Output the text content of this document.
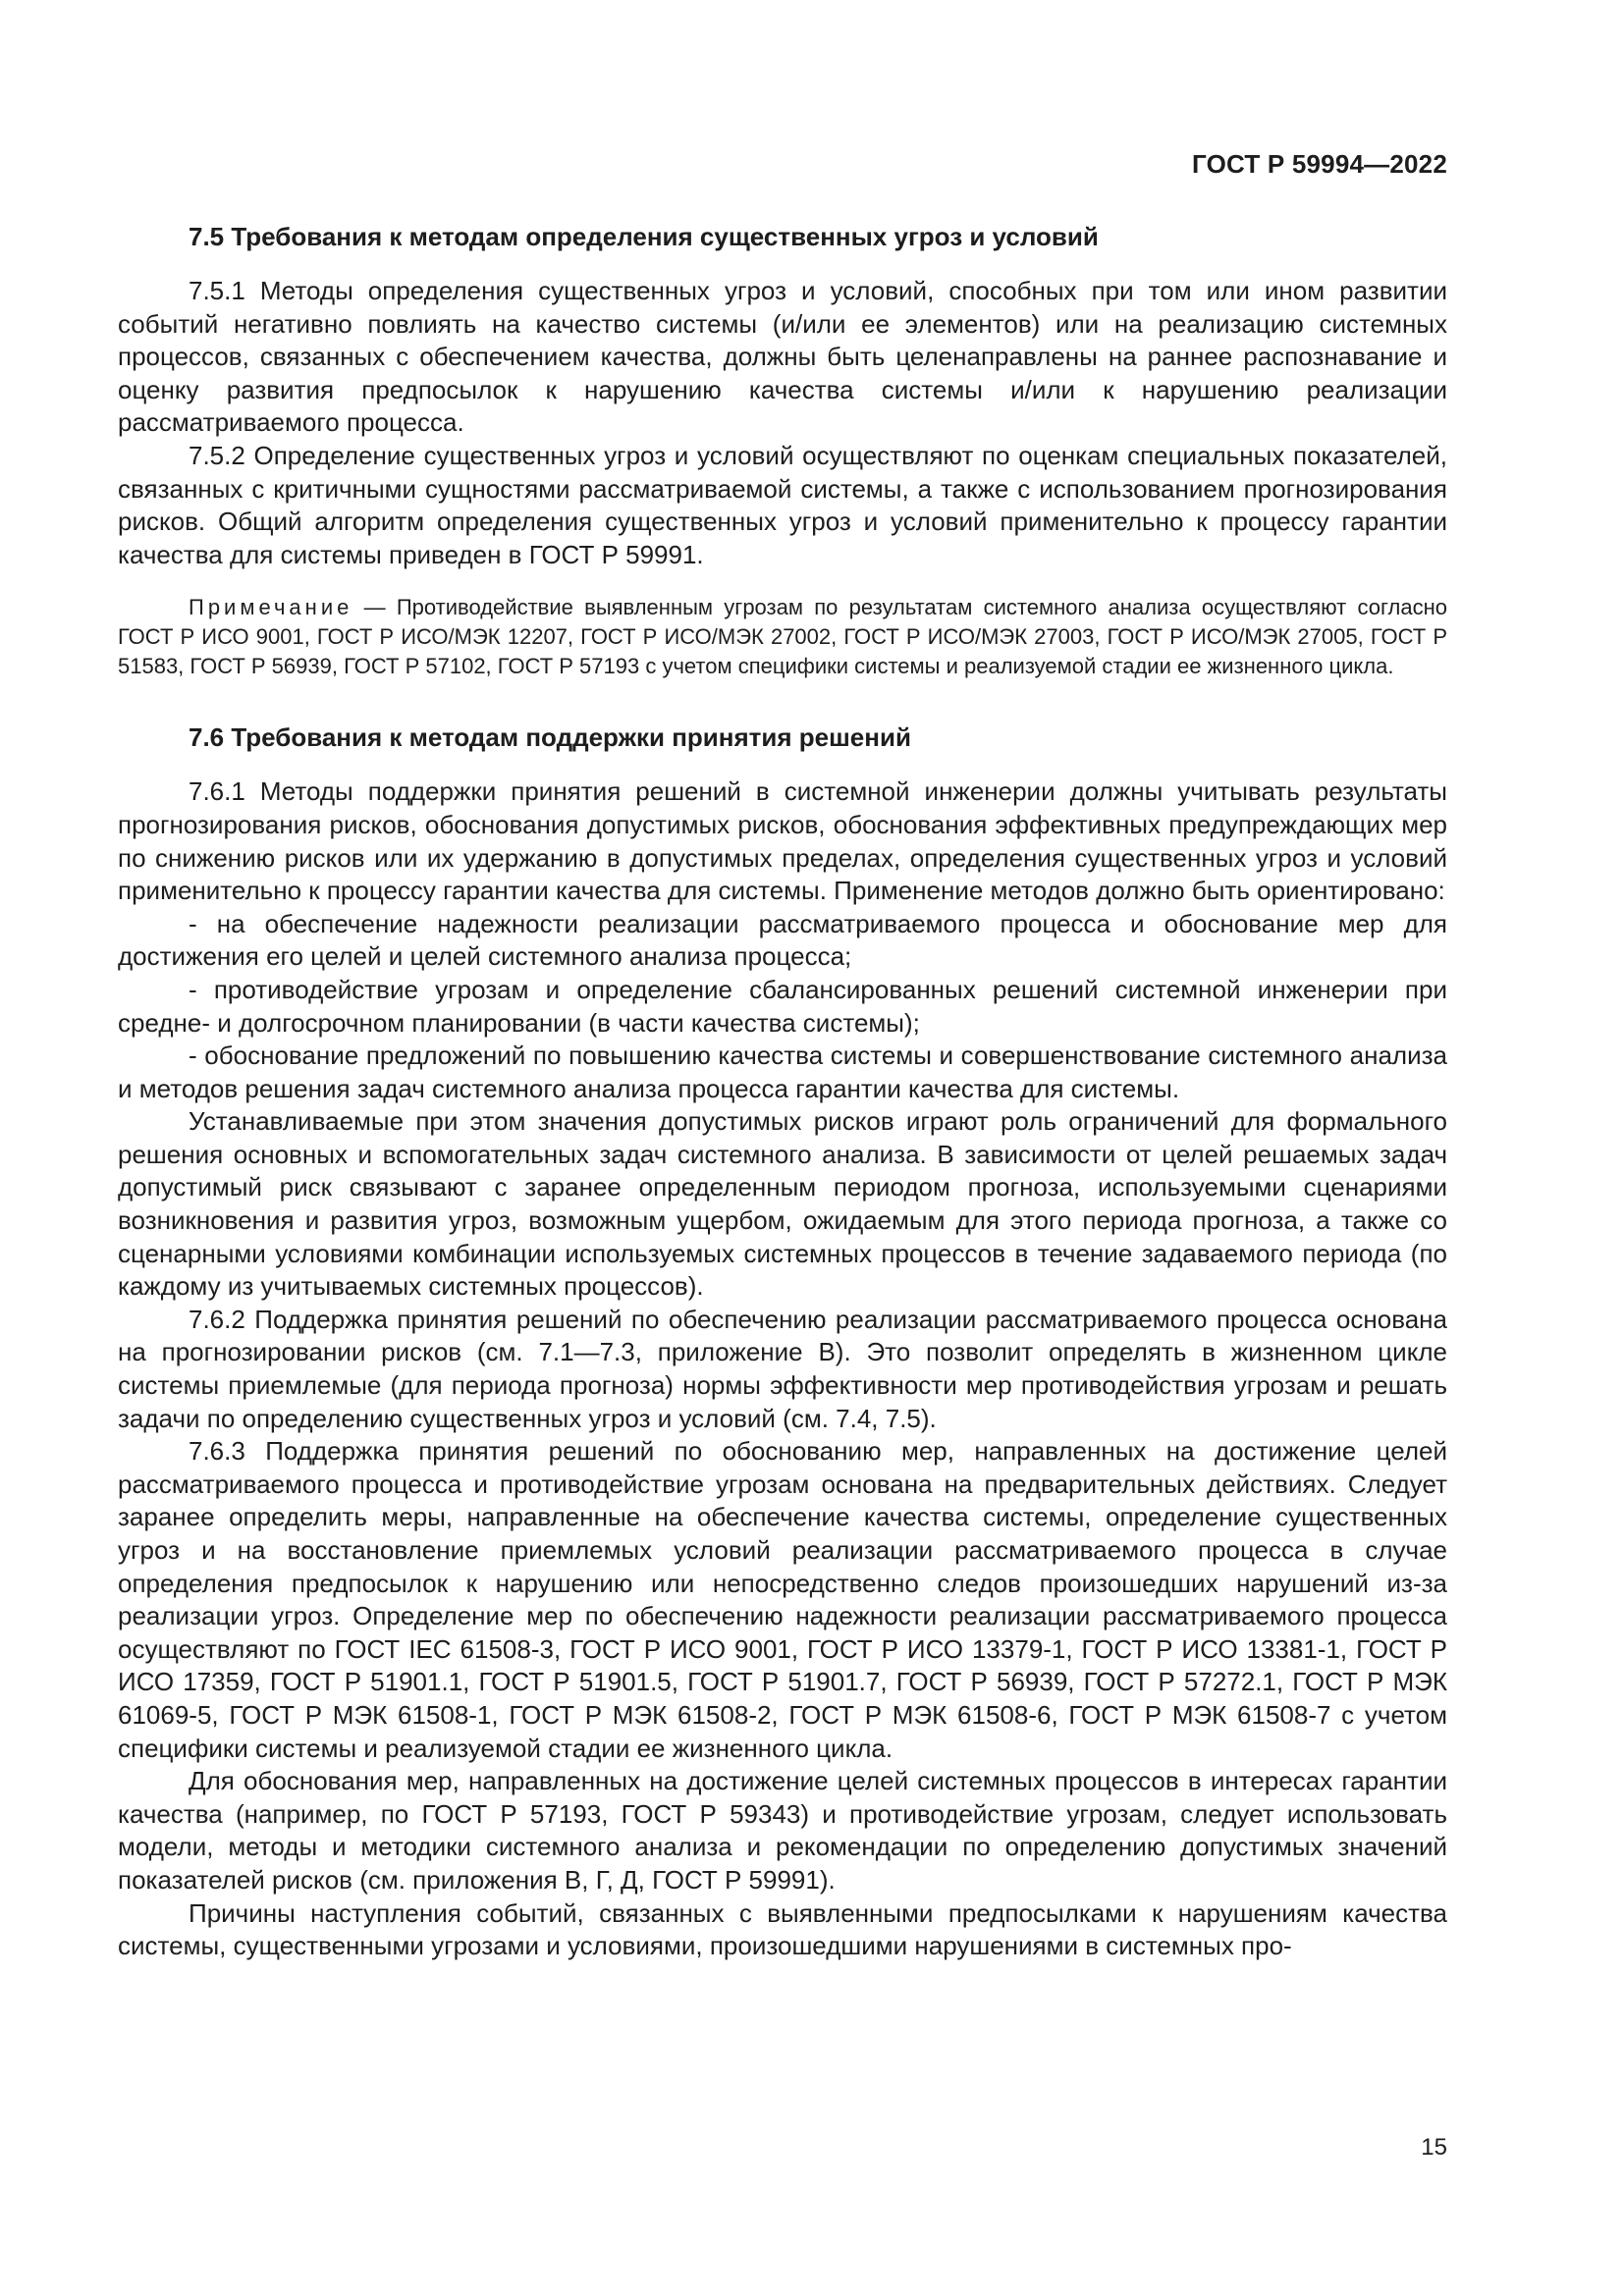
ГОСТ Р 59994—2022
7.5 Требования к методам определения существенных угроз и условий

7.5.1 Методы определения существенных угроз и условий, способных при том или ином развитии событий негативно повлиять на качество системы (и/или ее элементов) или на реализацию системных процессов, связанных с обеспечением качества, должны быть целенаправлены на раннее распознавание и оценку развития предпосылок к нарушению качества системы и/или к нарушению реализации рассматриваемого процесса.

7.5.2 Определение существенных угроз и условий осуществляют по оценкам специальных показателей, связанных с критичными сущностями рассматриваемой системы, а также с использованием прогнозирования рисков. Общий алгоритм определения существенных угроз и условий применительно к процессу гарантии качества для системы приведен в ГОСТ Р 59991.

Примечание — Противодействие выявленным угрозам по результатам системного анализа осуществляют согласно ГОСТ Р ИСО 9001, ГОСТ Р ИСО/МЭК 12207, ГОСТ Р ИСО/МЭК 27002, ГОСТ Р ИСО/МЭК 27003, ГОСТ Р ИСО/МЭК 27005, ГОСТ Р 51583, ГОСТ Р 56939, ГОСТ Р 57102, ГОСТ Р 57193 с учетом специфики системы и реализуемой стадии ее жизненного цикла.

7.6 Требования к методам поддержки принятия решений

7.6.1 Методы поддержки принятия решений в системной инженерии должны учитывать результаты прогнозирования рисков, обоснования допустимых рисков, обоснования эффективных предупреждающих мер по снижению рисков или их удержанию в допустимых пределах, определения существенных угроз и условий применительно к процессу гарантии качества для системы. Применение методов должно быть ориентировано:

- на обеспечение надежности реализации рассматриваемого процесса и обоснование мер для достижения его целей и целей системного анализа процесса;

- противодействие угрозам и определение сбалансированных решений системной инженерии при средне- и долгосрочном планировании (в части качества системы);

- обоснование предложений по повышению качества системы и совершенствование системного анализа и методов решения задач системного анализа процесса гарантии качества для системы.

Устанавливаемые при этом значения допустимых рисков играют роль ограничений для формального решения основных и вспомогательных задач системного анализа. В зависимости от целей решаемых задач допустимый риск связывают с заранее определенным периодом прогноза, используемыми сценариями возникновения и развития угроз, возможным ущербом, ожидаемым для этого периода прогноза, а также со сценарными условиями комбинации используемых системных процессов в течение задаваемого периода (по каждому из учитываемых системных процессов).

7.6.2 Поддержка принятия решений по обеспечению реализации рассматриваемого процесса основана на прогнозировании рисков (см. 7.1—7.3, приложение В). Это позволит определять в жизненном цикле системы приемлемые (для периода прогноза) нормы эффективности мер противодействия угрозам и решать задачи по определению существенных угроз и условий (см. 7.4, 7.5).

7.6.3 Поддержка принятия решений по обоснованию мер, направленных на достижение целей рассматриваемого процесса и противодействие угрозам основана на предварительных действиях. Следует заранее определить меры, направленные на обеспечение качества системы, определение существенных угроз и на восстановление приемлемых условий реализации рассматриваемого процесса в случае определения предпосылок к нарушению или непосредственно следов произошедших нарушений из-за реализации угроз. Определение мер по обеспечению надежности реализации рассматриваемого процесса осуществляют по ГОСТ IEC 61508-3, ГОСТ Р ИСО 9001, ГОСТ Р ИСО 13379-1, ГОСТ Р ИСО 13381-1, ГОСТ Р ИСО 17359, ГОСТ Р 51901.1, ГОСТ Р 51901.5, ГОСТ Р 51901.7, ГОСТ Р 56939, ГОСТ Р 57272.1, ГОСТ Р МЭК 61069-5, ГОСТ Р МЭК 61508-1, ГОСТ Р МЭК 61508-2, ГОСТ Р МЭК 61508-6, ГОСТ Р МЭК 61508-7 с учетом специфики системы и реализуемой стадии ее жизненного цикла.

Для обоснования мер, направленных на достижение целей системных процессов в интересах гарантии качества (например, по ГОСТ Р 57193, ГОСТ Р 59343) и противодействие угрозам, следует использовать модели, методы и методики системного анализа и рекомендации по определению допустимых значений показателей рисков (см. приложения В, Г, Д, ГОСТ Р 59991).

Причины наступления событий, связанных с выявленными предпосылками к нарушениям качества системы, существенными угрозами и условиями, произошедшими нарушениями в системных про-

15
